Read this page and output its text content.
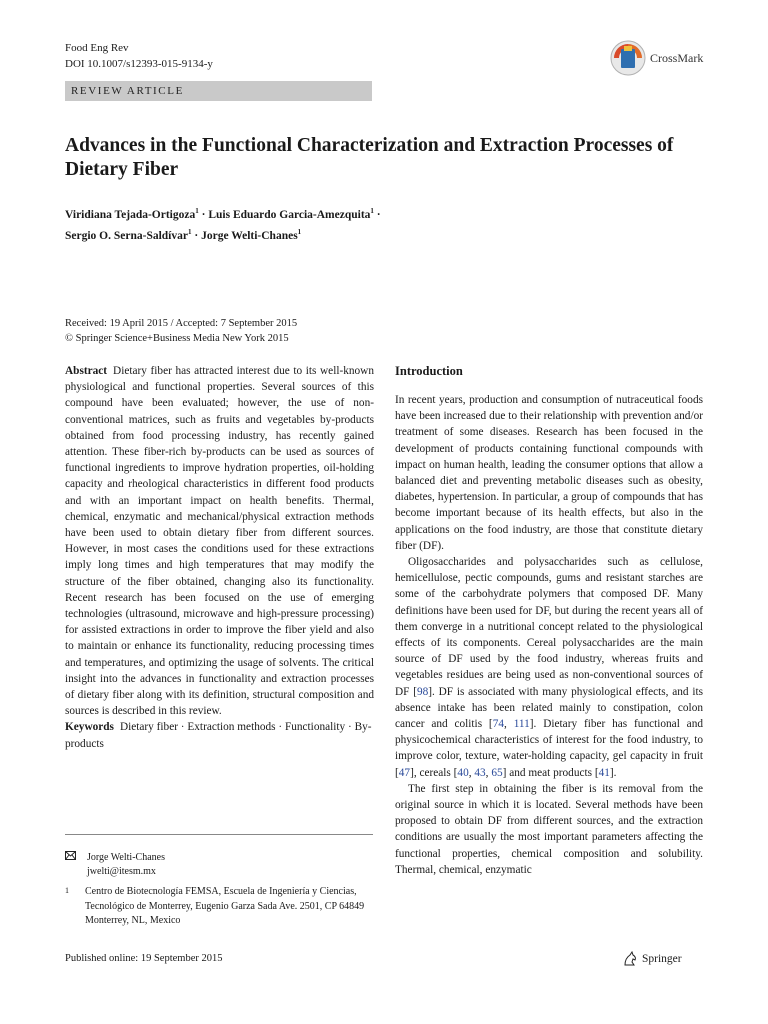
Food Eng Rev
DOI 10.1007/s12393-015-9134-y	CrossMark
REVIEW ARTICLE
Advances in the Functional Characterization and Extraction Processes of Dietary Fiber
Viridiana Tejada-Ortigoza$^1$ · Luis Eduardo Garcia-Amezquita$^1$ ·
Sergio O. Serna-Saldívar$^1$ · Jorge Welti-Chanes$^1$
Received: 19 April 2015 / Accepted: 7 September 2015
© Springer Science+Business Media New York 2015

Abstract Dietary fiber has attracted interest due to its well-known physiological and functional properties. Several sources of this compound have been evaluated; however, the use of non-conventional matrices, such as fruits and vegetables by-products obtained from food processing industry, has recently gained attention. These fiber-rich by-products can be used as sources of functional ingredients to improve hydration properties, oil-holding capacity and rheological characteristics in different food products and with an important impact on health benefits. Thermal, chemical, enzymatic and mechanical/physical extraction methods have been used to obtain dietary fiber from different sources. However, in most cases the conditions used for these extractions imply long times and high temperatures that may modify the structure of the fiber obtained, changing also its functionality. Recent research has been focused on the use of emerging technologies (ultrasound, microwave and high-pressure processing) for assisted extractions in order to improve the fiber yield and also to maintain or enhance its functionality, reducing processing times and temperatures, and optimizing the usage of solvents. The critical insight into the advances in functionality and extraction processes of dietary fiber along with its definition, structural composition and sources is described in this review.

Keywords Dietary fiber · Extraction methods · Functionality · By-products

Jorge Welti-Chanes
jwelti@itesm.mx
1	Centro de Biotecnología FEMSA, Escuela de Ingeniería y Ciencias, Tecnológico de Monterrey, Eugenio Garza Sada Ave. 2501, CP 64849 Monterrey, NL, Mexico
Introduction

In recent years, production and consumption of nutraceutical foods have been increased due to their relationship with prevention and/or treatment of some diseases. Research has been focused in the development of products containing functional compounds with impact on human health, leading the consumer options that allow a balanced diet and preventing metabolic diseases such as obesity, diabetes, hypertension. In particular, a group of compounds that has become important because of its health effects, but also in the applications on the food industry, are those that constitute dietary fiber (DF).

Oligosaccharides and polysaccharides such as cellulose, hemicellulose, pectic compounds, gums and resistant starches are some of the carbohydrate polymers that composed DF. Many definitions have been used for DF, but during the recent years all of them converge in a nutritional concept related to the physiological effects of its components. Cereal polysaccharides are the main source of DF used by the food industry, whereas fruits and vegetables residues are being used as non-conventional sources of DF [98]. DF is associated with many physiological effects, and its absence intake has been related mainly to constipation, colon cancer and colitis [74, 111]. Dietary fiber has functional and physicochemical characteristics of interest for the food industry, to improve color, texture, water-holding capacity, gel capacity in fruit [47], cereals [40, 43, 65] and meat products [41].

The first step in obtaining the fiber is its removal from the original source in which it is located. Several methods have been proposed to obtain DF from different sources, and the extraction conditions are usually the most important parameters affecting the functional properties, chemical composition and solubility. Thermal, chemical, enzymatic

Published online: 19 September 2015	Springer
